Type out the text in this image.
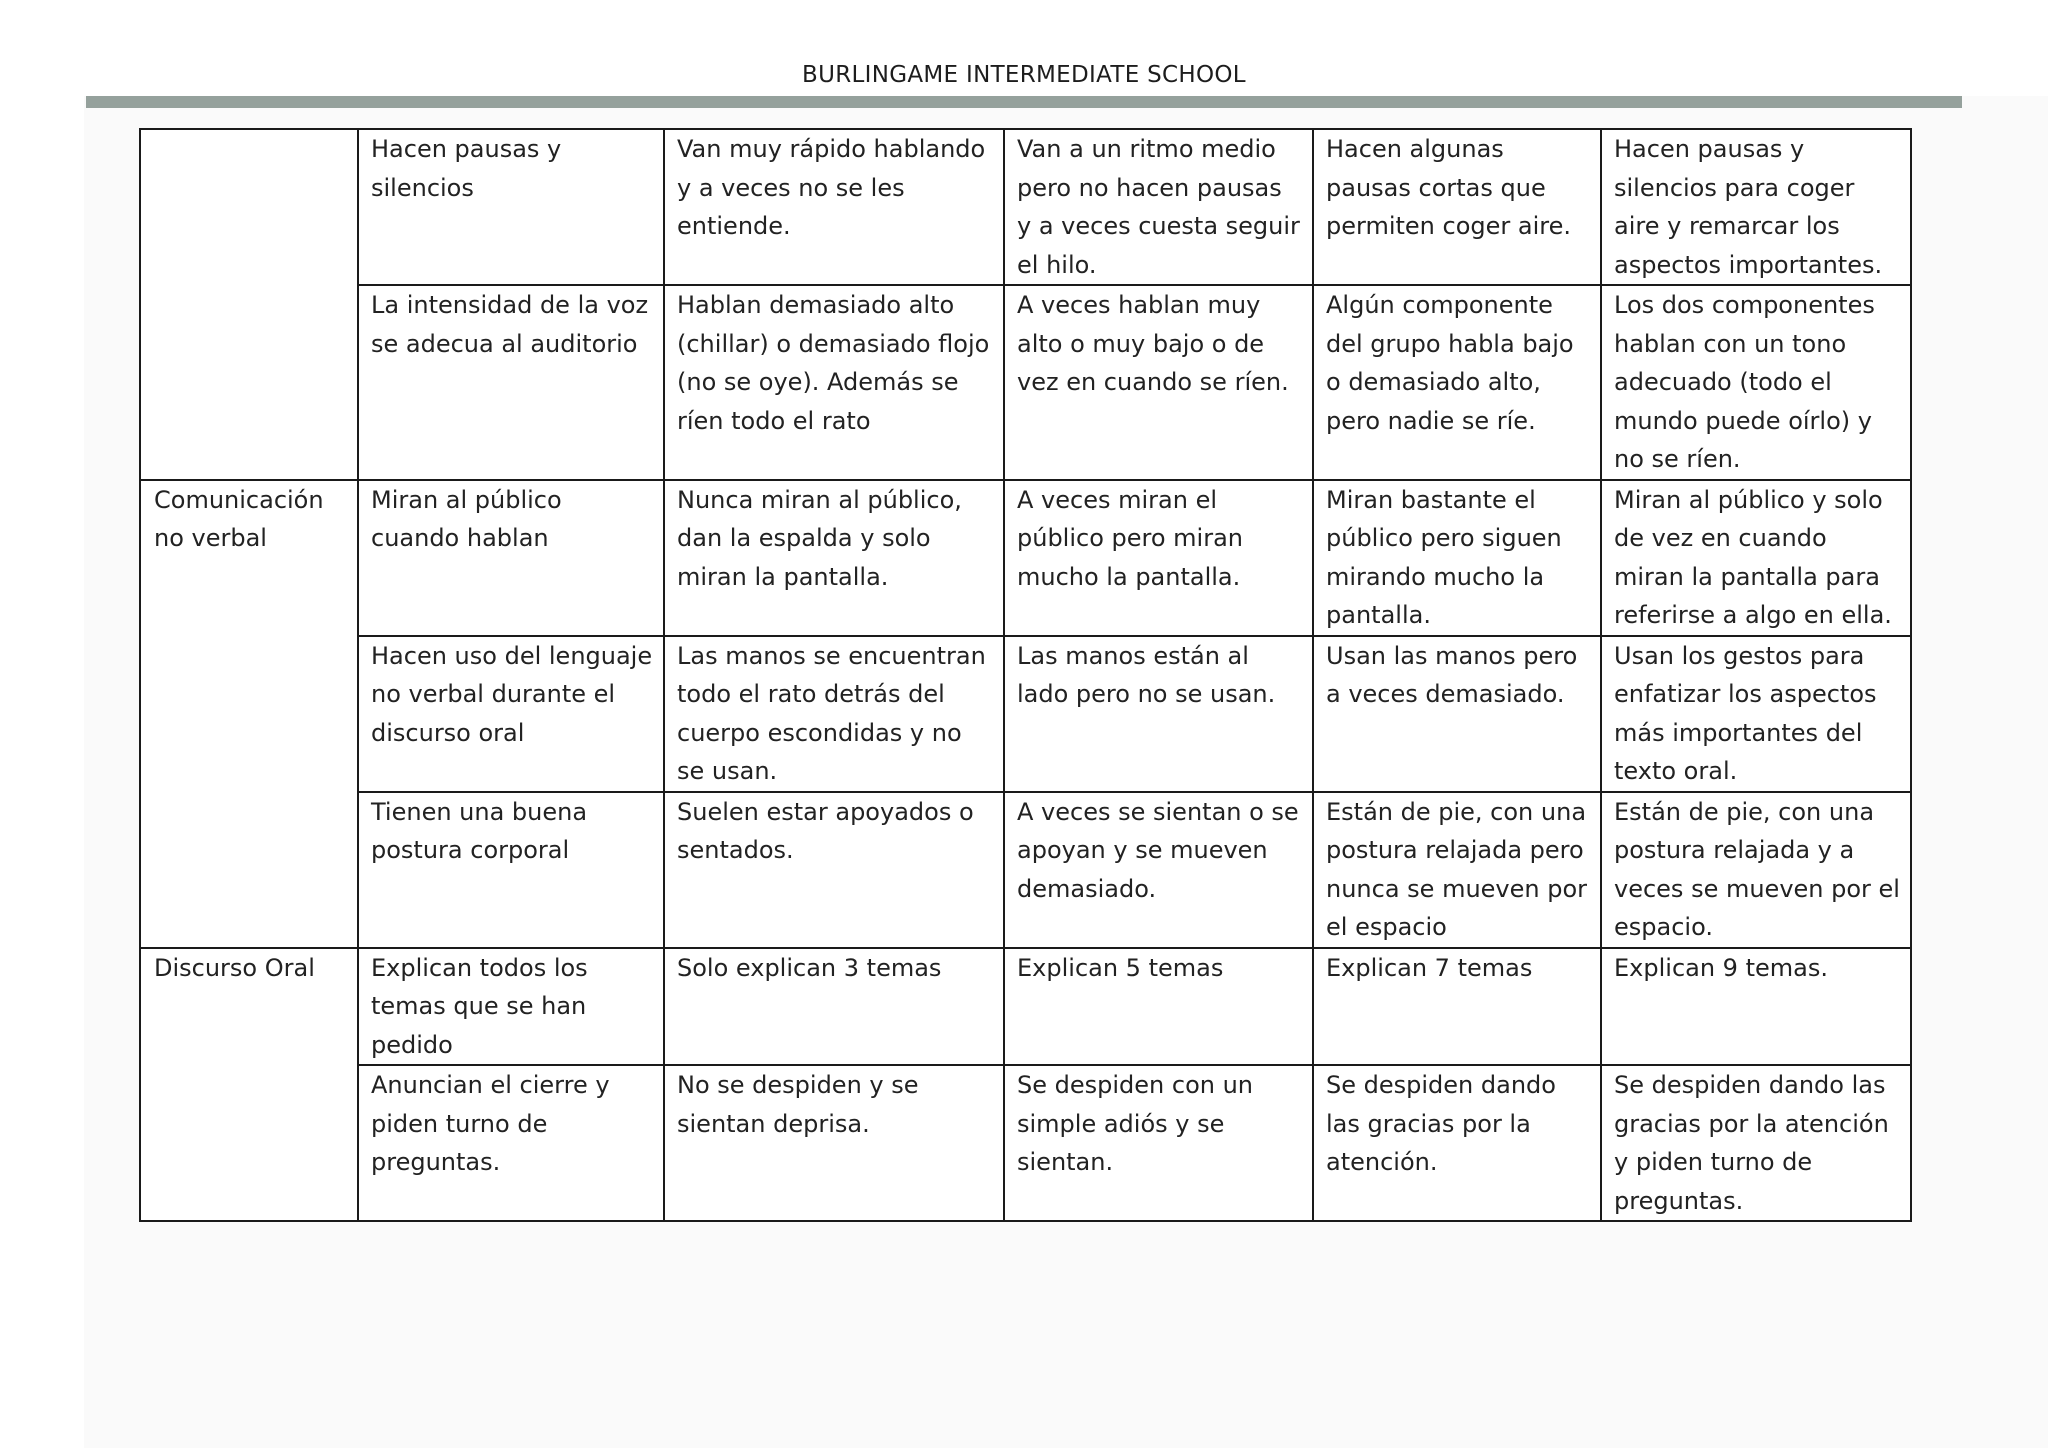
BURLINGAME INTERMEDIATE SCHOOL
	Hacen pausas y silencios	Van muy rápido hablando y a veces no se les entiende.	Van a un ritmo medio pero no hacen pausas y a veces cuesta seguir el hilo.	Hacen algunas pausas cortas que permiten coger aire.	Hacen pausas y silencios para coger aire y remarcar los aspectos importantes.
	La intensidad de la voz se adecua al auditorio	Hablan demasiado alto (chillar) o demasiado flojo (no se oye). Además se ríen todo el rato	A veces hablan muy alto o muy bajo o de vez en cuando se ríen.	Algún componente del grupo habla bajo o demasiado alto, pero nadie se ríe.	Los dos componentes hablan con un tono adecuado (todo el mundo puede oírlo) y no se ríen.
Comunicación no verbal	Miran al público cuando hablan	Nunca miran al público, dan la espalda y solo miran la pantalla.	A veces miran el público pero miran mucho la pantalla.	Miran bastante el público pero siguen mirando mucho la pantalla.	Miran al público y solo de vez en cuando miran la pantalla para referirse a algo en ella.
	Hacen uso del lenguaje no verbal durante el discurso oral	Las manos se encuentran todo el rato detrás del cuerpo escondidas y no se usan.	Las manos están al lado pero no se usan.	Usan las manos pero a veces demasiado.	Usan los gestos para enfatizar los aspectos más importantes del texto oral.
	Tienen una buena postura corporal	Suelen estar apoyados o sentados.	A veces se sientan o se apoyan y se mueven demasiado.	Están de pie, con una postura relajada pero nunca se mueven por el espacio	Están de pie, con una postura relajada y a veces se mueven por el espacio.
Discurso Oral	Explican todos los temas que se han pedido	Solo explican 3 temas	Explican 5 temas	Explican 7 temas	Explican 9 temas.
	Anuncian el cierre y piden turno de preguntas.	No se despiden y se sientan deprisa.	Se despiden con un simple adiós y se sientan.	Se despiden dando las gracias por la atención.	Se despiden dando las gracias por la atención y piden turno de preguntas.
